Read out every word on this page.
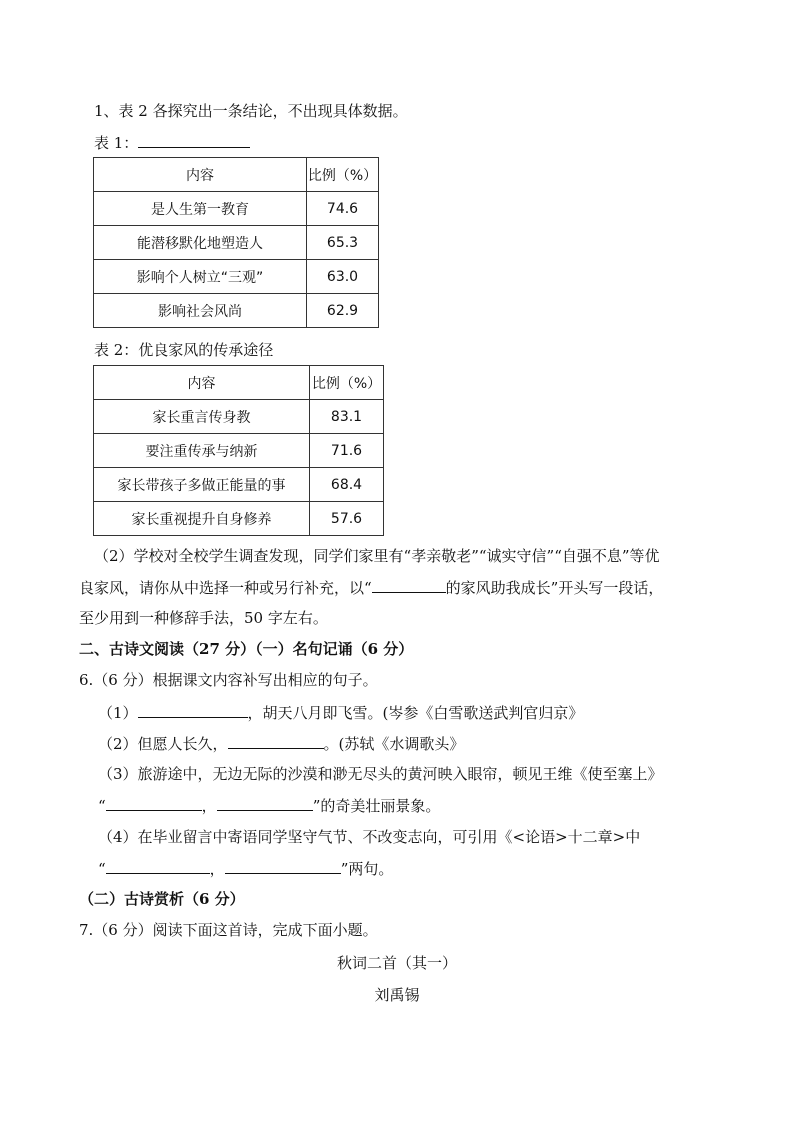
1、表 2 各探究出一条结论，不出现具体数据。
表 1：
内容	比例（%）
是人生第一教育	74.6
能潜移默化地塑造人	65.3
影响个人树立“三观”	63.0
影响社会风尚	62.9
表 2：优良家风的传承途径
内容	比例（%）
家长重言传身教	83.1
要注重传承与纳新	71.6
家长带孩子多做正能量的事	68.4
家长重视提升自身修养	57.6
（2）学校对全校学生调查发现，同学们家里有“孝亲敬老”“诚实守信”“自强不息”等优
良家风，请你从中选择一种或另行补充，以“	的家风助我成长”开头写一段话，
至少用到一种修辞手法，50 字左右。
二、古诗文阅读（27 分）（一）名句记诵（6 分）
6.（6 分）根据课文内容补写出相应的句子。
（1）	，胡天八月即飞雪。(岑参《白雪歌送武判官归京》
（2）但愿人长久，	。(苏轼《水调歌头》
（3）旅游途中，无边无际的沙漠和渺无尽头的黄河映入眼帘，顿见王维《使至塞上》
“	，	”的奇美壮丽景象。
（4）在毕业留言中寄语同学坚守气节、不改变志向，可引用《<论语>十二章>中
“	，	”两句。
（二）古诗赏析（6 分）
7.（6 分）阅读下面这首诗，完成下面小题。
秋词二首（其一）
刘禹锡
